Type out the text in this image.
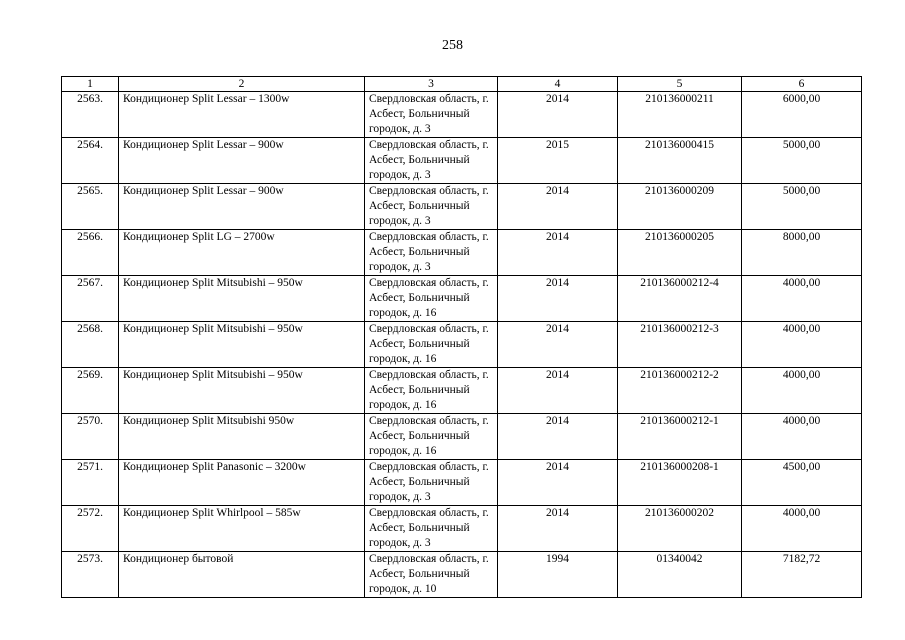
258
1	2	3	4	5	6
2563.	Кондиционер Split Lessar – 1300w	Свердловская область, г. Асбест, Больничный городок, д. 3	2014	210136000211	6000,00
2564.	Кондиционер Split Lessar – 900w	Свердловская область, г. Асбест, Больничный городок, д. 3	2015	210136000415	5000,00
2565.	Кондиционер Split Lessar – 900w	Свердловская область, г. Асбест, Больничный городок, д. 3	2014	210136000209	5000,00
2566.	Кондиционер Split LG – 2700w	Свердловская область, г. Асбест, Больничный городок, д. 3	2014	210136000205	8000,00
2567.	Кондиционер Split Mitsubishi – 950w	Свердловская область, г. Асбест, Больничный городок, д. 16	2014	210136000212-4	4000,00
2568.	Кондиционер Split Mitsubishi – 950w	Свердловская область, г. Асбест, Больничный городок, д. 16	2014	210136000212-3	4000,00
2569.	Кондиционер Split Mitsubishi – 950w	Свердловская область, г. Асбест, Больничный городок, д. 16	2014	210136000212-2	4000,00
2570.	Кондиционер Split Mitsubishi 950w	Свердловская область, г. Асбест, Больничный городок, д. 16	2014	210136000212-1	4000,00
2571.	Кондиционер Split Panasonic – 3200w	Свердловская область, г. Асбест, Больничный городок, д. 3	2014	210136000208-1	4500,00
2572.	Кондиционер Split Whirlpool – 585w	Свердловская область, г. Асбест, Больничный городок, д. 3	2014	210136000202	4000,00
2573.	Кондиционер бытовой	Свердловская область, г. Асбест, Больничный городок, д. 10	1994	01340042	7182,72
